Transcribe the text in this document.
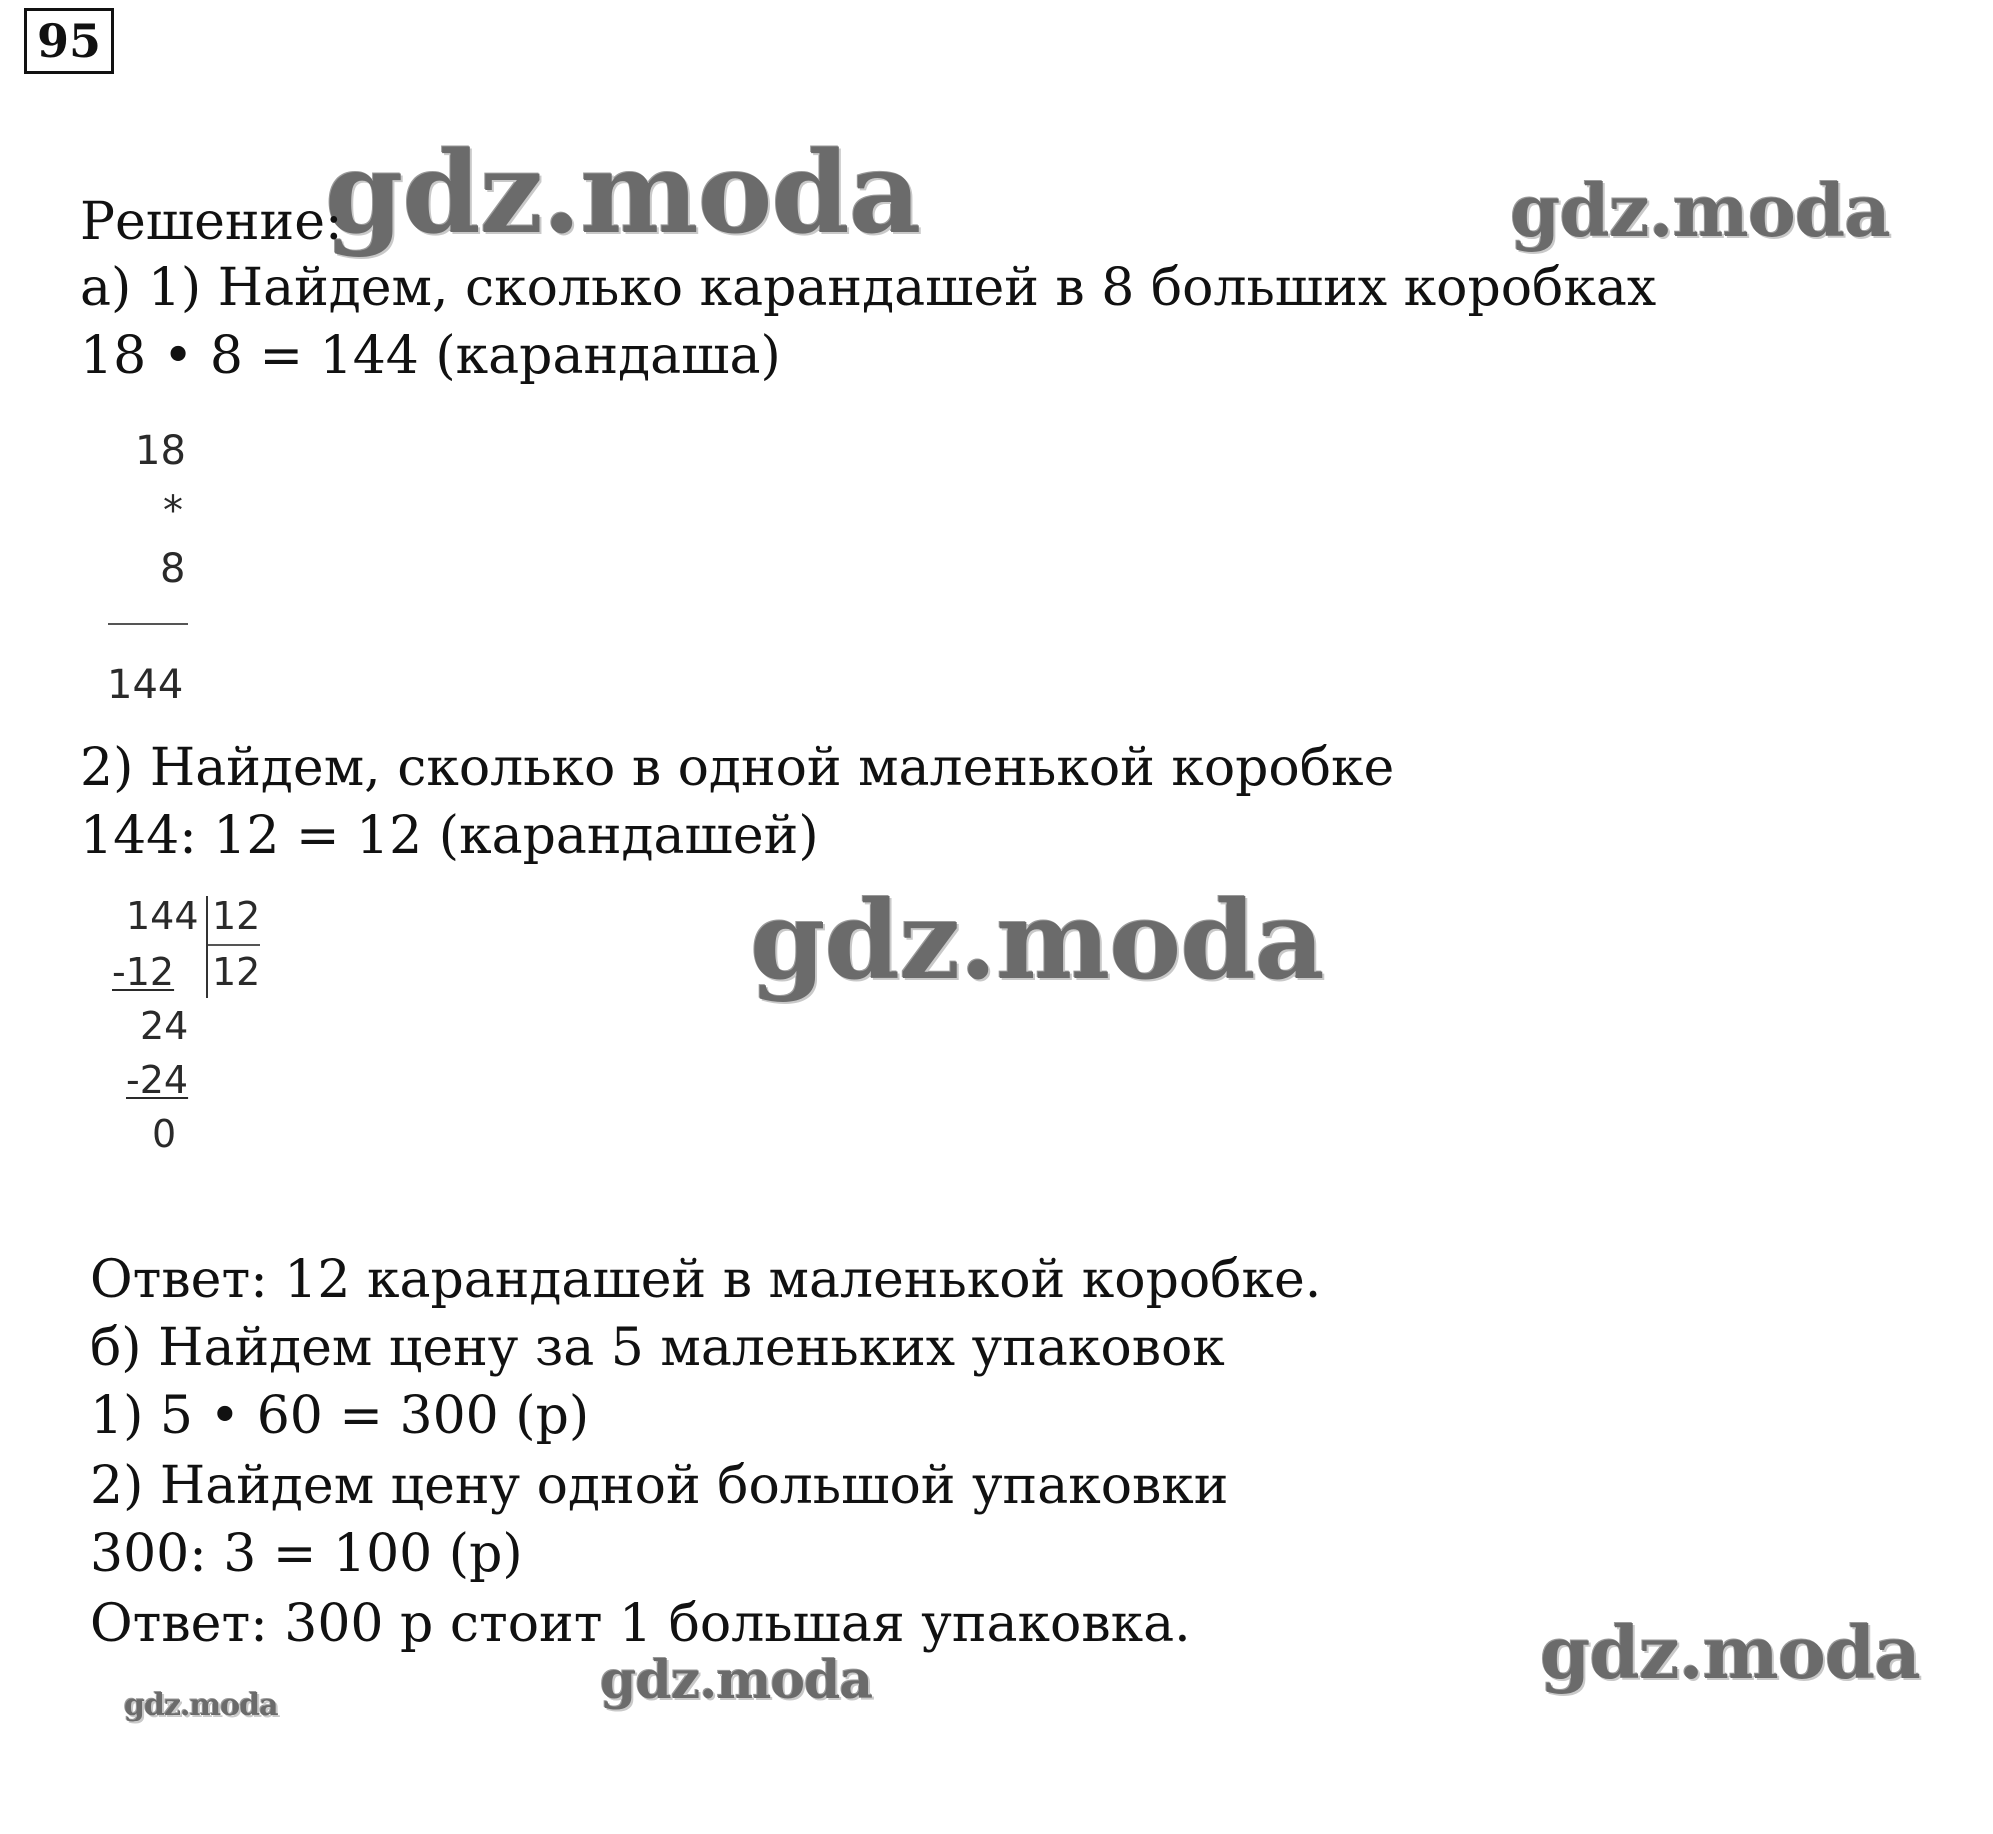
95
gdz.moda	gdz.moda
gdz.moda
gdz.moda
gdz.moda
gdz.moda
Решение:
а) 1) Найдем, сколько карандашей в 8 больших коробках
18 • 8 = 144 (карандаша)
18
*
8
144
2) Найдем, сколько в одной маленькой коробке
144: 12 = 12 (карандашей)
144 12
-12 12
24
-24
0
Ответ: 12 карандашей в маленькой коробке.
б) Найдем цену за 5 маленьких упаковок
1) 5 • 60 = 300 (р)
2) Найдем цену одной большой упаковки
300: 3 = 100 (р)
Ответ: 300 р стоит 1 большая упаковка.
